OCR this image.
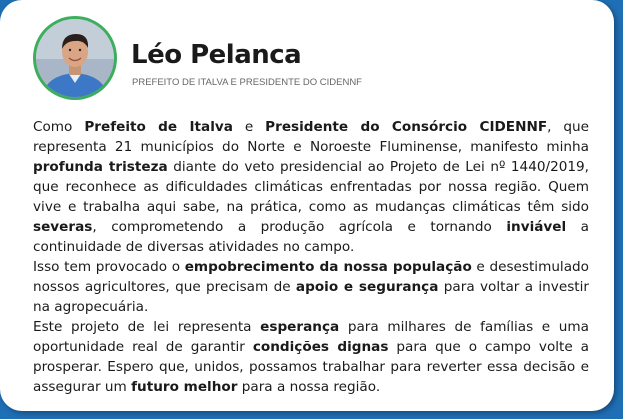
Léo Pelanca
PREFEITO DE ITALVA E PRESIDENTE DO CIDENNF

Como Prefeito de Italva e Presidente do Consórcio CIDENNF, que representa 21 municípios do Norte e Noroeste Fluminense, manifesto minha profunda tristeza diante do veto presidencial ao Projeto de Lei nº 1440/2019, que reconhece as dificuldades climáticas enfrentadas por nossa região. Quem vive e trabalha aqui sabe, na prática, como as mudanças climáticas têm sido severas, comprometendo a produção agrícola e tornando inviável a continuidade de diversas atividades no campo.

Isso tem provocado o empobrecimento da nossa população e desestimulado nossos agricultores, que precisam de apoio e segurança para voltar a investir na agropecuária.

Este projeto de lei representa esperança para milhares de famílias e uma oportunidade real de garantir condições dignas para que o campo volte a prosperar. Espero que, unidos, possamos trabalhar para reverter essa decisão e assegurar um futuro melhor para a nossa região.
